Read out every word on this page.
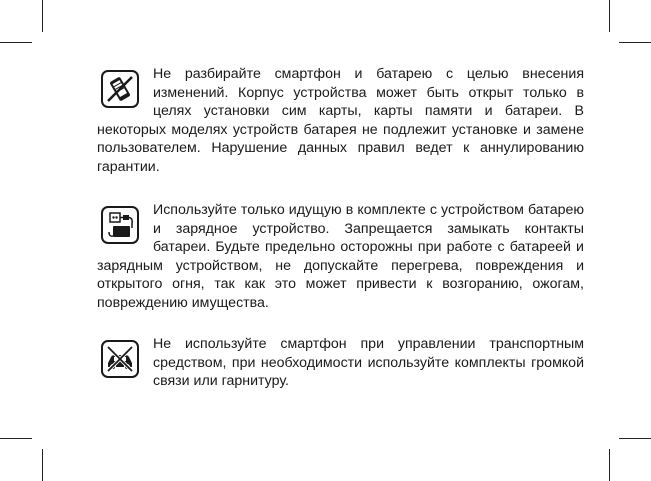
Не разбирайте смартфон и батарею с целью внесения изменений. Корпус устройства может быть открыт только в целях установки сим карты, карты памяти и батареи. В некоторых моделях устройств батарея не подлежит установке и замене пользователем. Нарушение данных правил ведет к аннулированию гарантии.

Используйте только идущую в комплекте с устройством батарею и зарядное устройство. Запрещается замыкать контакты батареи. Будьте предельно осторожны при работе с батареей и зарядным устройством, не допускайте перегрева, повреждения и открытого огня, так как это может привести к возгоранию, ожогам, повреждению имущества.

Не используйте смартфон при управлении транспортным средством, при необходимости используйте комплекты громкой связи или гарнитуру.
